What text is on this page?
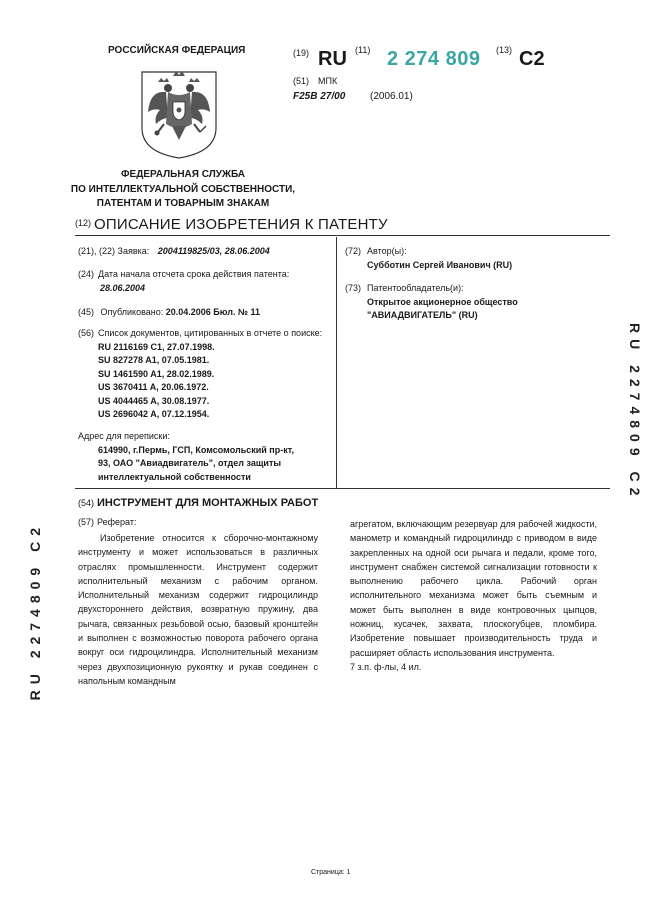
РОССИЙСКАЯ ФЕДЕРАЦИЯ
ФЕДЕРАЛЬНАЯ СЛУЖБА
ПО ИНТЕЛЛЕКТУАЛЬНОЙ СОБСТВЕННОСТИ,
ПАТЕНТАМ И ТОВАРНЫМ ЗНАКАМ
(19) RU (11) 2 274 809 (13) C2
(51) МПК
F25B 27/00 (2006.01)
(12) ОПИСАНИЕ ИЗОБРЕТЕНИЯ К ПАТЕНТУ
(21), (22) Заявка: 2004119825/03, 28.06.2004
(24) Дата начала отсчета срока действия патента:
28.06.2004
(45) Опубликовано: 20.04.2006 Бюл. № 11
(56) Список документов, цитированных в отчете о поиске: RU 2116169 C1, 27.07.1998.
SU 827278 A1, 07.05.1981.
SU 1461590 A1, 28.02.1989.
US 3670411 A, 20.06.1972.
US 4044465 A, 30.08.1977.
US 2696042 A, 07.12.1954.
Адрес для переписки:
614990, г.Пермь, ГСП, Комсомольский пр-кт,
93, ОАО "Авиадвигатель", отдел защиты
интеллектуальной собственности
(72) Автор(ы):
Субботин Сергей Иванович (RU)
(73) Патентообладатель(и):
Открытое акционерное общество
"АВИАДВИГАТЕЛЬ" (RU)
(54) ИНСТРУМЕНТ ДЛЯ МОНТАЖНЫХ РАБОТ
(57) Реферат:
Изобретение относится к сборочно-монтажному инструменту и может использоваться в различных отраслях промышленности. Инструмент содержит исполнительный механизм с рабочим органом. Исполнительный механизм содержит гидроцилиндр двухстороннего действия, возвратную пружину, два рычага, связанных резьбовой осью, базовый кронштейн и выполнен с возможностью поворота рабочего органа вокруг оси гидроцилиндра. Исполнительный механизм через двухпозиционную рукоятку и рукав соединен с напольным командным
агрегатом, включающим резервуар для рабочей жидкости, манометр и командный гидроцилиндр с приводом в виде закрепленных на одной оси рычага и педали, кроме того, инструмент снабжен системой сигнализации готовности к выполнению рабочего цикла. Рабочий орган исполнительного механизма может быть съемным и может быть выполнен в виде контровочных цыпцов, ножниц, кусачек, захвата, плоскогубцев, пломбира. Изобретение повышает производительность труда и расширяет область использования инструмента.
7 з.п. ф-лы, 4 ил.
RU 2274809 C2
RU 2274809 C2
Страница: 1
